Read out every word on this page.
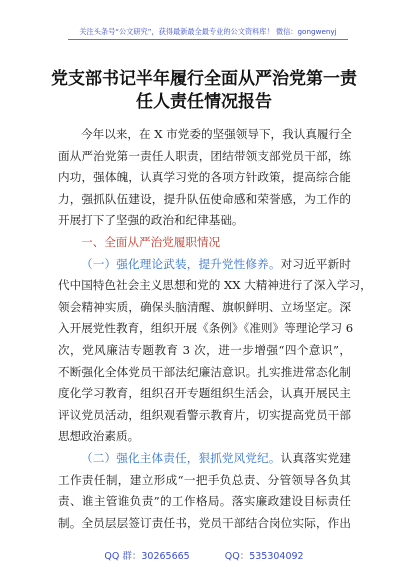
关注头条号“公文研究”，获得最新最全最专业的公文资料库！ 微信：gongwenyj
党支部书记半年履行全面从严治党第一责
任人责任情况报告
今年以来，在 X 市党委的坚强领导下，我认真履行全
面从严治党第一责任人职责，团结带领支部党员干部，练
内功，强体魄，认真学习党的各项方针政策，提高综合能
力，强抓队伍建设，提升队伍使命感和荣誉感，为工作的
开展打下了坚强的政治和纪律基础。
一、全面从严治党履职情况
（一）强化理论武装，提升党性修养。对习近平新时
代中国特色社会主义思想和党的 XX 大精神进行了深入学习，
领会精神实质，确保头脑清醒、旗帜鲜明、立场坚定。深
入开展党性教育，组织开展《条例》《准则》等理论学习 6
次，党风廉洁专题教育 3 次，进一步增强“四个意识”，
不断强化全体党员干部法纪廉洁意识。扎实推进常态化制
度化学习教育，组织召开专题组织生活会，认真开展民主
评议党员活动，组织观看警示教育片，切实提高党员干部
思想政治素质。
（二）强化主体责任，狠抓党风党纪。认真落实党建
工作责任制，建立形成“一把手负总责、分管领导各负其
责、谁主管谁负责”的工作格局。落实廉政建设目标责任
制。全员层层签订责任书，党员干部结合岗位实际，作出
QQ 群：30265665	QQ：535304092
